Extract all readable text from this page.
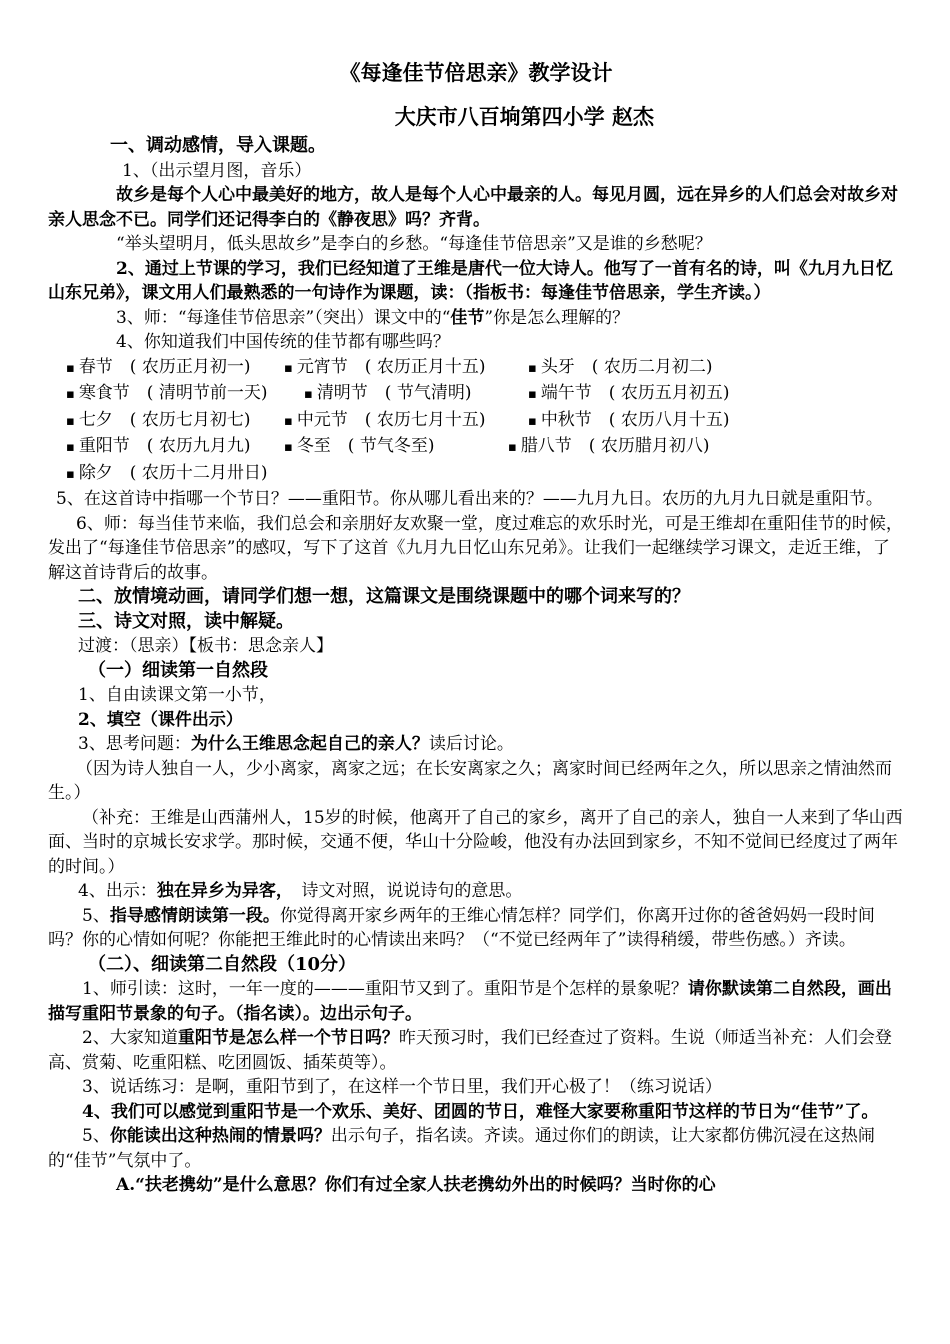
《每逢佳节倍思亲》教学设计

大庆市八百垧第四小学 赵杰

一、调动感情，导入课题。

1、（出示望月图，音乐）

故乡是每个人心中最美好的地方，故人是每个人心中最亲的人。每见月圆，远在异乡的人们总会对故乡对亲人思念不已。同学们还记得李白的《静夜思》吗？齐背。

“举头望明月，低头思故乡”是李白的乡愁。“每逢佳节倍思亲”又是谁的乡愁呢？

2、通过上节课的学习，我们已经知道了王维是唐代一位大诗人。他写了一首有名的诗，叫《九月九日忆山东兄弟》，课文用人们最熟悉的一句诗作为课题，读：（指板书：每逢佳节倍思亲，学生齐读。）

3、师：“每逢佳节倍思亲”（突出）课文中的“佳节”你是怎么理解的？

4、你知道我们中国传统的佳节都有哪些吗？

▪ 春节　( 农历正月初一)	▪ 元宵节　( 农历正月十五)	▪ 头牙　( 农历二月初二)
▪ 寒食节　( 清明节前一天)	▪ 清明节　( 节气清明)	▪ 端午节　( 农历五月初五)
▪ 七夕　( 农历七月初七)	▪ 中元节　( 农历七月十五)	▪ 中秋节　( 农历八月十五)
▪ 重阳节　( 农历九月九)	▪ 冬至　( 节气冬至)	▪ 腊八节　( 农历腊月初八)
▪ 除夕　( 农历十二月卅日)

5、在这首诗中指哪一个节日？——重阳节。你从哪儿看出来的？——九月九日。农历的九月九日就是重阳节。

6、师：每当佳节来临，我们总会和亲朋好友欢聚一堂，度过难忘的欢乐时光，可是王维却在重阳佳节的时候，发出了“每逢佳节倍思亲”的感叹，写下了这首《九月九日忆山东兄弟》。让我们一起继续学习课文，走近王维，了解这首诗背后的故事。

二、放情境动画，请同学们想一想，这篇课文是围绕课题中的哪个词来写的？

三、诗文对照，读中解疑。

过渡：（思亲）【板书：思念亲人】

（一）细读第一自然段

1、自由读课文第一小节，

2、填空（课件出示）

3、思考问题：为什么王维思念起自己的亲人？读后讨论。

（因为诗人独自一人，少小离家，离家之远；在长安离家之久；离家时间已经两年之久，所以思亲之情油然而生。）

（补充：王维是山西蒲州人，15岁的时候，他离开了自己的家乡，离开了自己的亲人，独自一人来到了华山西面、当时的京城长安求学。那时候，交通不便，华山十分险峻，他没有办法回到家乡，不知不觉间已经度过了两年的时间。）

4、出示：独在异乡为异客，　诗文对照，说说诗句的意思。

5、指导感情朗读第一段。你觉得离开家乡两年的王维心情怎样？同学们，你离开过你的爸爸妈妈一段时间吗？你的心情如何呢？你能把王维此时的心情读出来吗？（“不觉已经两年了”读得稍缓，带些伤感。）齐读。

（二）、细读第二自然段（10分）

1、师引读：这时，一年一度的———重阳节又到了。重阳节是个怎样的景象呢？请你默读第二自然段，画出描写重阳节景象的句子。（指名读）。边出示句子。

2、大家知道重阳节是怎么样一个节日吗？昨天预习时，我们已经查过了资料。生说（师适当补充：人们会登高、赏菊、吃重阳糕、吃团圆饭、插茱萸等）。

3、说话练习：是啊，重阳节到了，在这样一个节日里，我们开心极了！（练习说话）

4、我们可以感觉到重阳节是一个欢乐、美好、团圆的节日，难怪大家要称重阳节这样的节日为“佳节”了。

5、你能读出这种热闹的情景吗？出示句子，指名读。齐读。通过你们的朗读，让大家都仿佛沉浸在这热闹的“佳节”气氛中了。

A.“扶老携幼”是什么意思？你们有过全家人扶老携幼外出的时候吗？当时你的心
